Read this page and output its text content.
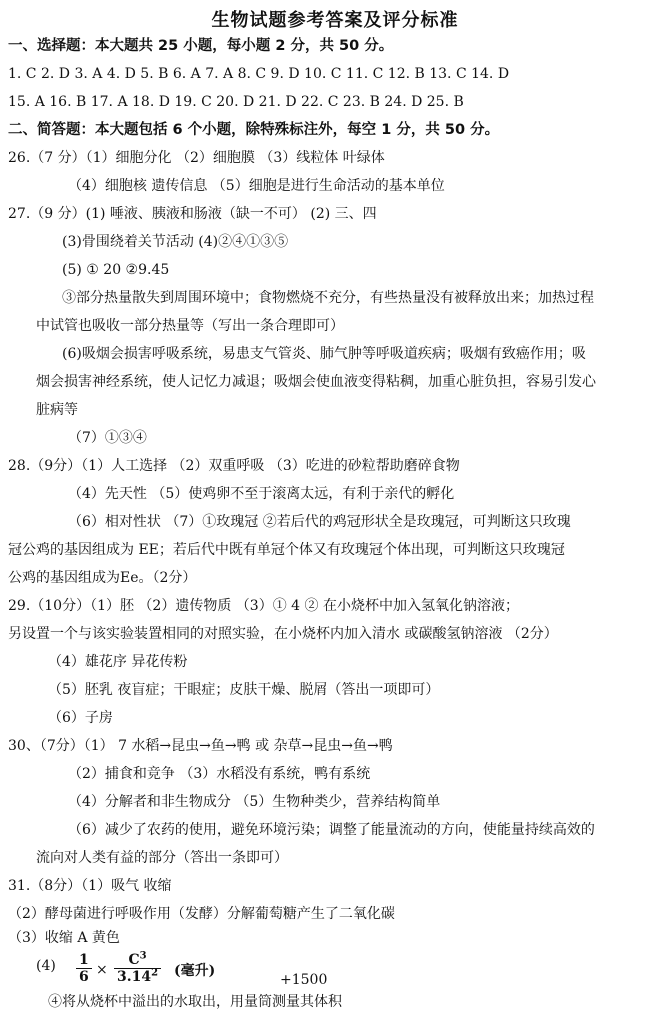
生物试题参考答案及评分标准
一、选择题：本大题共 25 小题，每小题 2 分，共 50 分。
1. C 2. D 3. A 4. D 5. B 6. A 7. A 8. C 9. D 10. C 11. C 12. B 13. C 14. D
15. A 16. B 17. A 18. D 19. C 20. D 21. D 22. C 23. B 24. D 25. B
二、简答题：本大题包括 6 个小题，除特殊标注外，每空 1 分，共 50 分。
26.（7 分）（1）细胞分化 （2）细胞膜 （3）线粒体 叶绿体
（4）细胞核 遗传信息 （5）细胞是进行生命活动的基本单位
27.（9 分）(1) 唾液、胰液和肠液（缺一不可） (2) 三、四
(3)骨围绕着关节活动 (4)②④①③⑤
(5) ① 20 ②9.45
③部分热量散失到周围环境中；食物燃烧不充分，有些热量没有被释放出来；加热过程
中试管也吸收一部分热量等（写出一条合理即可）
(6)吸烟会损害呼吸系统，易患支气管炎、肺气肿等呼吸道疾病；吸烟有致癌作用；吸
烟会损害神经系统，使人记忆力减退；吸烟会使血液变得粘稠，加重心脏负担，容易引发心
脏病等
（7）①③④
28.（9分）（1）人工选择 （2）双重呼吸 （3）吃进的砂粒帮助磨碎食物
（4）先天性 （5）使鸡卵不至于滚离太远，有利于亲代的孵化
（6）相对性状 （7）①玫瑰冠 ②若后代的鸡冠形状全是玫瑰冠，可判断这只玫瑰
冠公鸡的基因组成为 EE；若后代中既有单冠个体又有玫瑰冠个体出现，可判断这只玫瑰冠
公鸡的基因组成为Ee。（2分）
29.（10分）（1）胚 （2）遗传物质 （3）① 4 ② 在小烧杯中加入氢氧化钠溶液；
另设置一个与该实验装置相同的对照实验，在小烧杯内加入清水 或碳酸氢钠溶液 （2分）
（4）雄花序 异花传粉
（5）胚乳 夜盲症；干眼症；皮肤干燥、脱屑（答出一项即可）
（6）子房
30、（7分）（1） 7 水稻→昆虫→鱼→鸭 或 杂草→昆虫→鱼→鸭
（2）捕食和竞争 （3）水稻没有系统，鸭有系统
（4）分解者和非生物成分 （5）生物种类少，营养结构简单
（6）减少了农药的使用，避免环境污染；调整了能量流动的方向，使能量持续高效的
流向对人类有益的部分（答出一条即可）
31.（8分）（1）吸气 收缩
（2）酵母菌进行呼吸作用（发酵）分解葡萄糖产生了二氧化碳
（3）收缩 A 黄色
(4) 1
6 ×
$C^3$
3.14$^2$ (毫升)
+1500
④将从烧杯中溢出的水取出，用量筒测量其体积
